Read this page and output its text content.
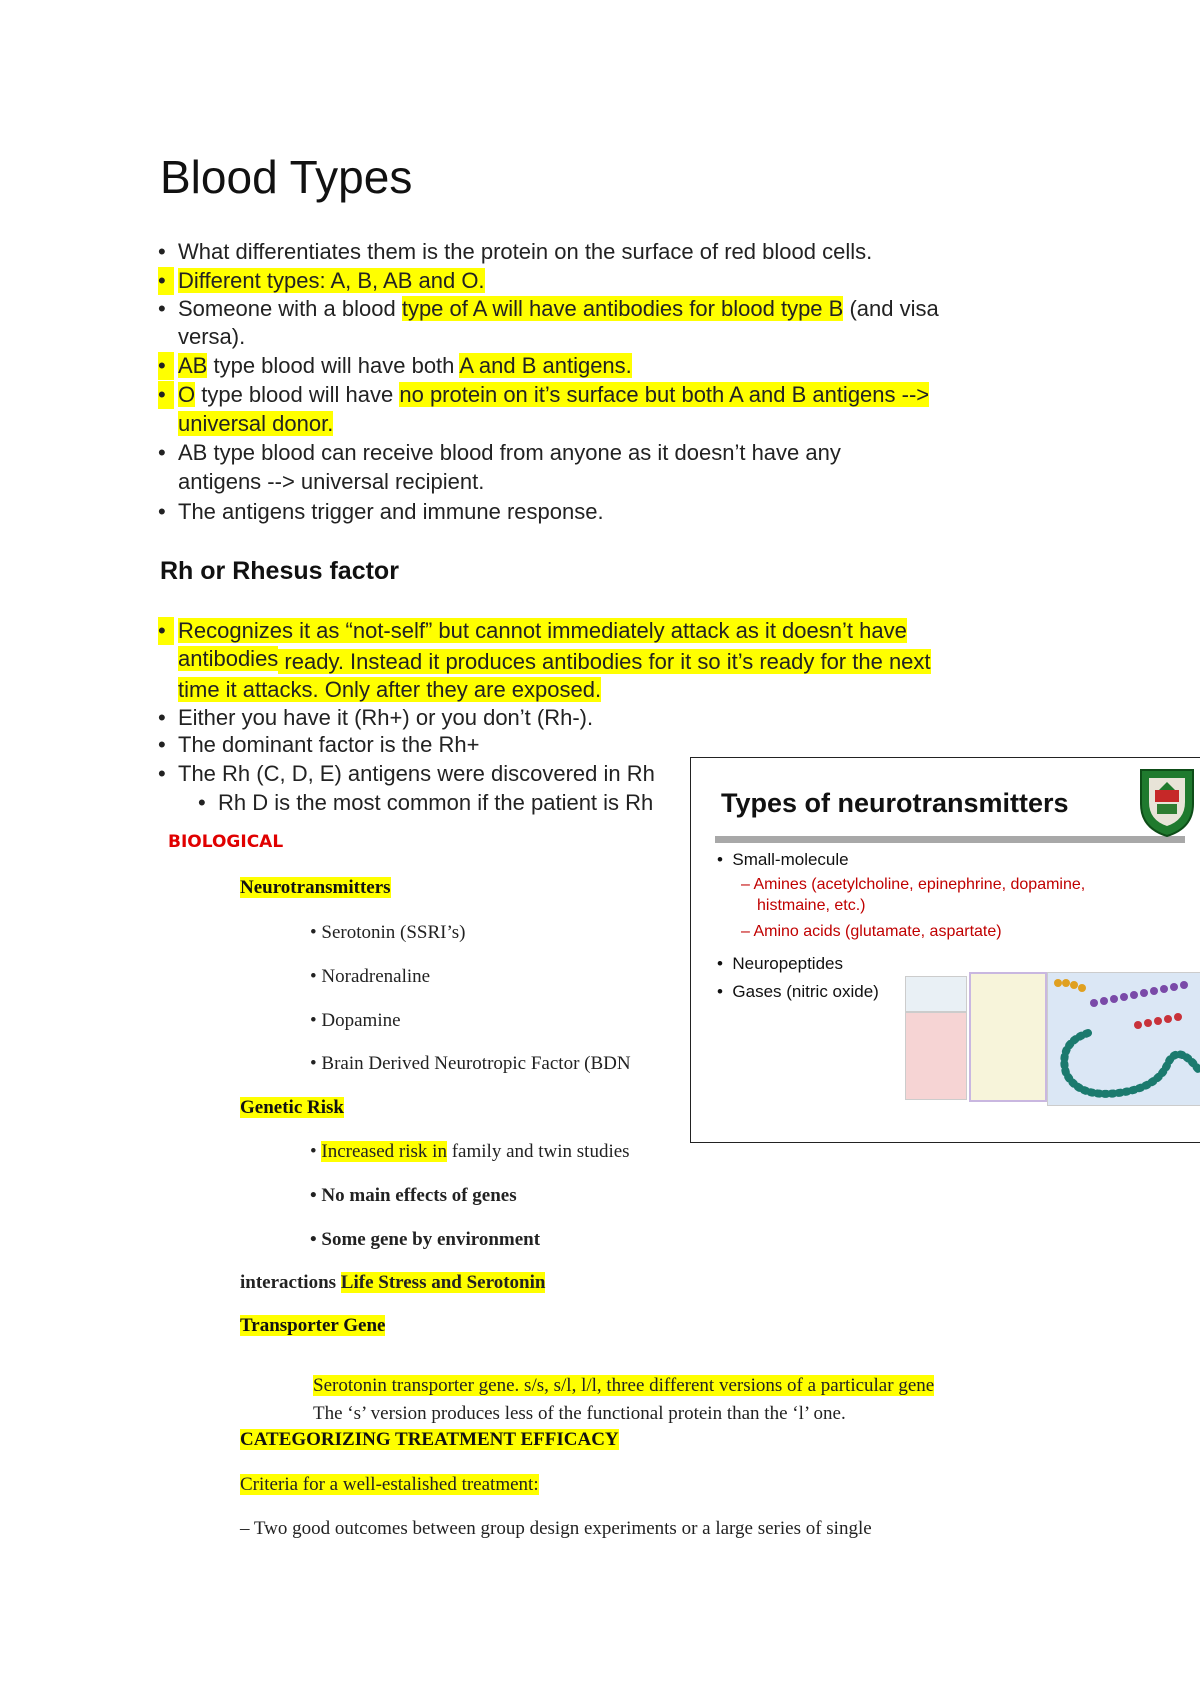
Blood Types
• What differentiates them is the protein on the surface of red blood cells.
• Different types: A, B, AB and O.
• Someone with a blood type of A will have antibodies for blood type B (and visa
versa).
• AB type blood will have both A and B antigens.
• O type blood will have no protein on it’s surface but both A and B antigens -->
universal donor.
• AB type blood can receive blood from anyone as it doesn’t have any
antigens --> universal recipient.
• The antigens trigger and immune response.
Rh or Rhesus factor
• Recognizes it as “not-self” but cannot immediately attack as it doesn’t have
antibodies ready. Instead it produces antibodies for it so it’s ready for the next
time it attacks. Only after they are exposed.
• Either you have it (Rh+) or you don’t (Rh-).
• The dominant factor is the Rh+
• The Rh (C, D, E) antigens were discovered in Rh
• Rh D is the most common if the patient is Rh
BIOLOGICAL
Neurotransmitters
• Serotonin (SSRI’s)
• Noradrenaline
• Dopamine
• Brain Derived Neurotropic Factor (BDN
Genetic Risk
• Increased risk in family and twin studies
• No main effects of genes
• Some gene by environment
interactions Life Stress and Serotonin
Transporter Gene
Serotonin transporter gene. s/s, s/l, l/l, three different versions of a particular gene
The ‘s’ version produces less of the functional protein than the ‘l’ one.
CATEGORIZING TREATMENT EFFICACY
Criteria for a well-estalished treatment:
– Two good outcomes between group design experiments or a large series of single
Types of neurotransmitters
•  Small-molecule
– Amines (acetylcholine, epinephrine, dopamine,
histmaine, etc.)
– Amino acids (glutamate, aspartate)
•  Neuropeptides
•  Gases (nitric oxide)
